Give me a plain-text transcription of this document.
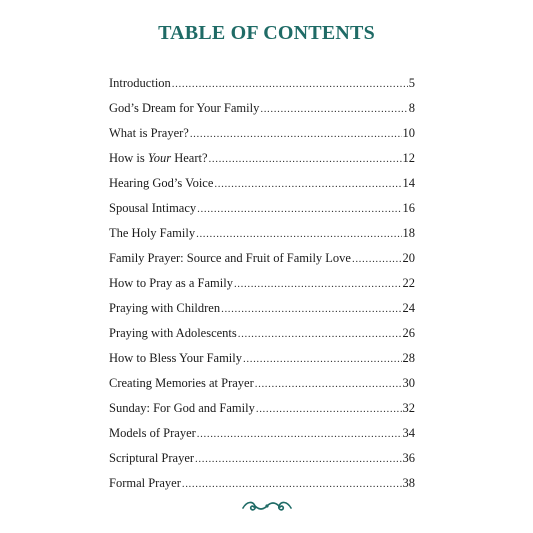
TABLE OF CONTENTS
Introduction .....	5
God’s Dream for Your Family .....	8
What is Prayer? .....	10
How is Your Heart? .....	12
Hearing God’s Voice .....	14
Spousal Intimacy .....	16
The Holy Family .....	18
Family Prayer: Source and Fruit of Family Love .....	20
How to Pray as a Family .....	22
Praying with Children .....	24
Praying with Adolescents .....	26
How to Bless Your Family .....	28
Creating Memories at Prayer .....	30
Sunday: For God and Family .....	32
Models of Prayer .....	34
Scriptural Prayer .....	36
Formal Prayer .....	38
